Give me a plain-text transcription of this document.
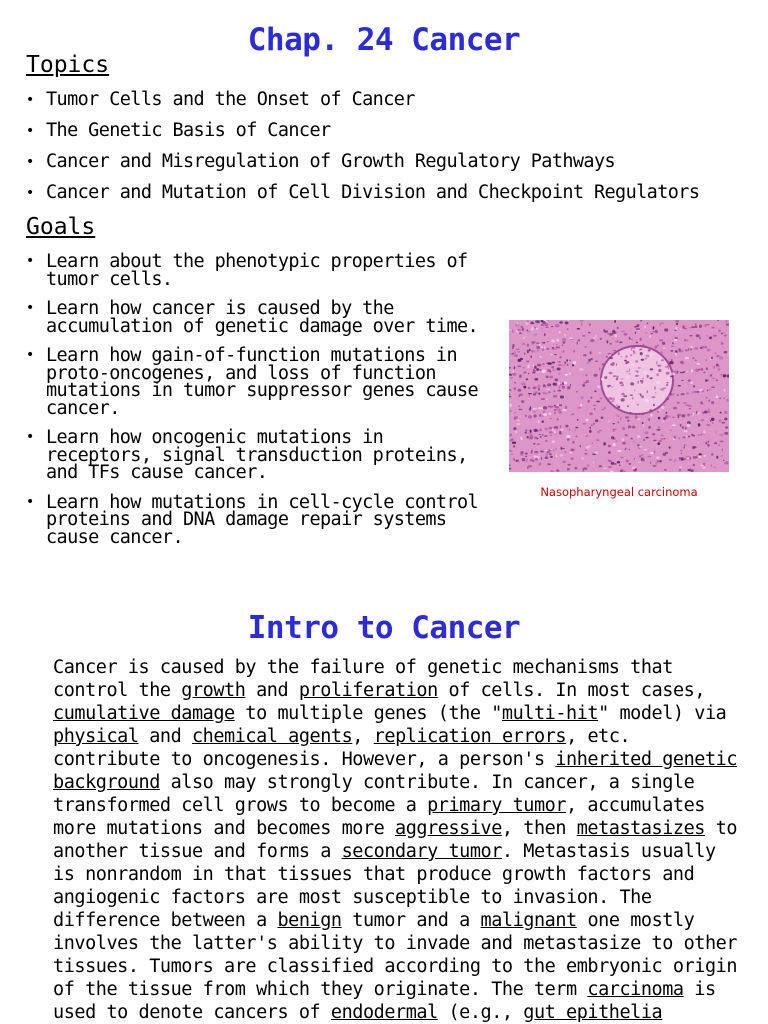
Chap. 24 Cancer
Topics
• Tumor Cells and the Onset of Cancer
• The Genetic Basis of Cancer
• Cancer and Misregulation of Growth Regulatory Pathways
• Cancer and Mutation of Cell Division and Checkpoint Regulators
Goals
• Learn about the phenotypic properties of tumor cells.
• Learn how cancer is caused by the accumulation of genetic damage over time.
• Learn how gain-of-function mutations in proto-oncogenes, and loss of function mutations in tumor suppressor genes cause cancer.
• Learn how oncogenic mutations in receptors, signal transduction proteins, and TFs cause cancer.
• Learn how mutations in cell-cycle control proteins and DNA damage repair systems cause cancer.
Nasopharyngeal carcinoma
Intro to Cancer

Cancer is caused by the failure of genetic mechanisms that control the growth and proliferation of cells. In most cases, cumulative damage to multiple genes (the "multi-hit" model) via physical and chemical agents, replication errors, etc. contribute to oncogenesis. However, a person's inherited genetic background also may strongly contribute. In cancer, a single transformed cell grows to become a primary tumor, accumulates more mutations and becomes more aggressive, then metastasizes to another tissue and forms a secondary tumor. Metastasis usually is nonrandom in that tissues that produce growth factors and angiogenic factors are most susceptible to invasion. The difference between a benign tumor and a malignant one mostly involves the latter's ability to invade and metastasize to other tissues. Tumors are classified according to the embryonic origin of the tissue from which they originate. The term carcinoma is used to denote cancers of endodermal (e.g., gut epithelia
